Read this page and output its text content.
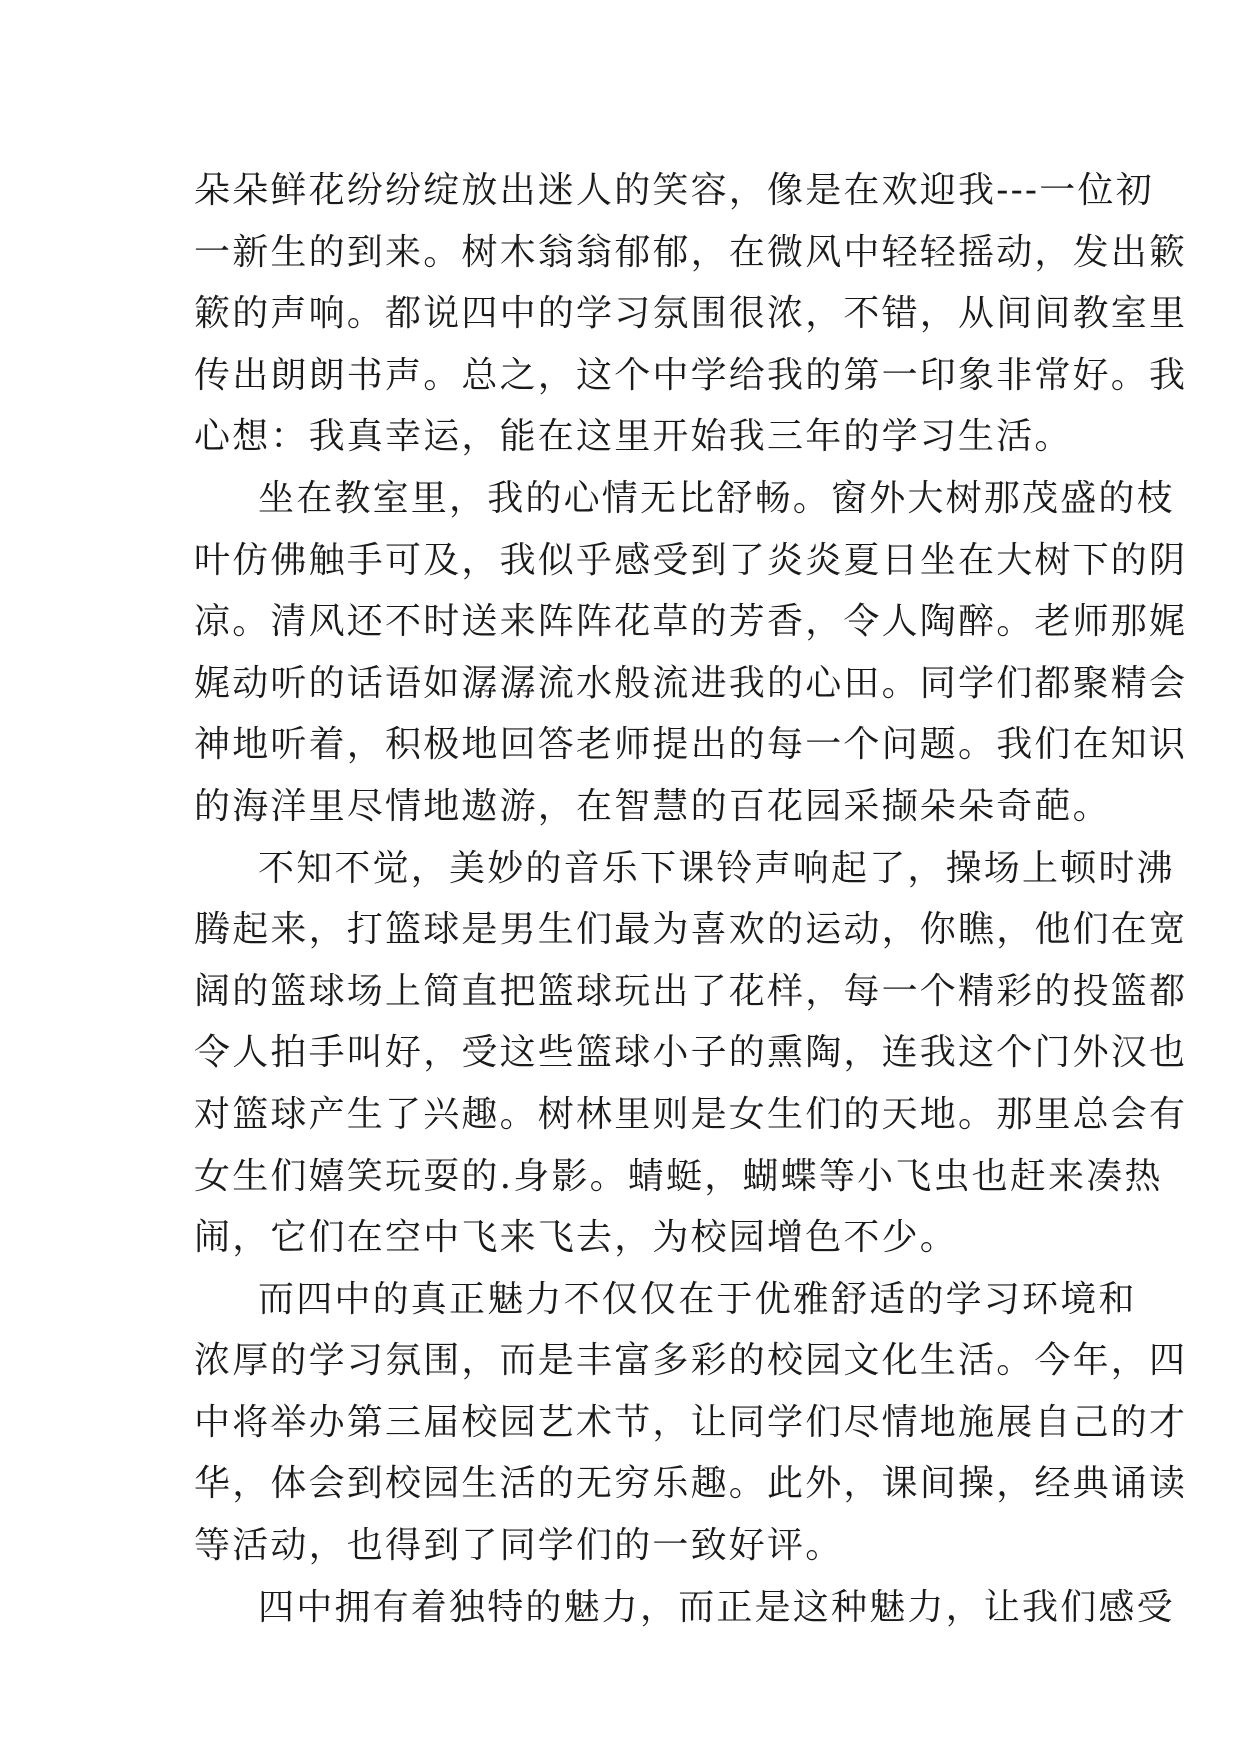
朵朵鲜花纷纷绽放出迷人的笑容，像是在欢迎我---一位初
一新生的到来。树木翁翁郁郁，在微风中轻轻摇动，发出簌
簌的声响。都说四中的学习氛围很浓，不错，从间间教室里
传出朗朗书声。总之，这个中学给我的第一印象非常好。我
心想：我真幸运，能在这里开始我三年的学习生活。
坐在教室里，我的心情无比舒畅。窗外大树那茂盛的枝
叶仿佛触手可及，我似乎感受到了炎炎夏日坐在大树下的阴
凉。清风还不时送来阵阵花草的芳香，令人陶醉。老师那娓
娓动听的话语如潺潺流水般流进我的心田。同学们都聚精会
神地听着，积极地回答老师提出的每一个问题。我们在知识
的海洋里尽情地遨游，在智慧的百花园采撷朵朵奇葩。
不知不觉，美妙的音乐下课铃声响起了，操场上顿时沸
腾起来，打篮球是男生们最为喜欢的运动，你瞧，他们在宽
阔的篮球场上简直把篮球玩出了花样，每一个精彩的投篮都
令人拍手叫好，受这些篮球小子的熏陶，连我这个门外汉也
对篮球产生了兴趣。树林里则是女生们的天地。那里总会有
女生们嬉笑玩耍的.身影。蜻蜓，蝴蝶等小飞虫也赶来凑热
闹，它们在空中飞来飞去，为校园增色不少。
而四中的真正魅力不仅仅在于优雅舒适的学习环境和
浓厚的学习氛围，而是丰富多彩的校园文化生活。今年，四
中将举办第三届校园艺术节，让同学们尽情地施展自己的才
华，体会到校园生活的无穷乐趣。此外，课间操，经典诵读
等活动，也得到了同学们的一致好评。
四中拥有着独特的魅力，而正是这种魅力，让我们感受
